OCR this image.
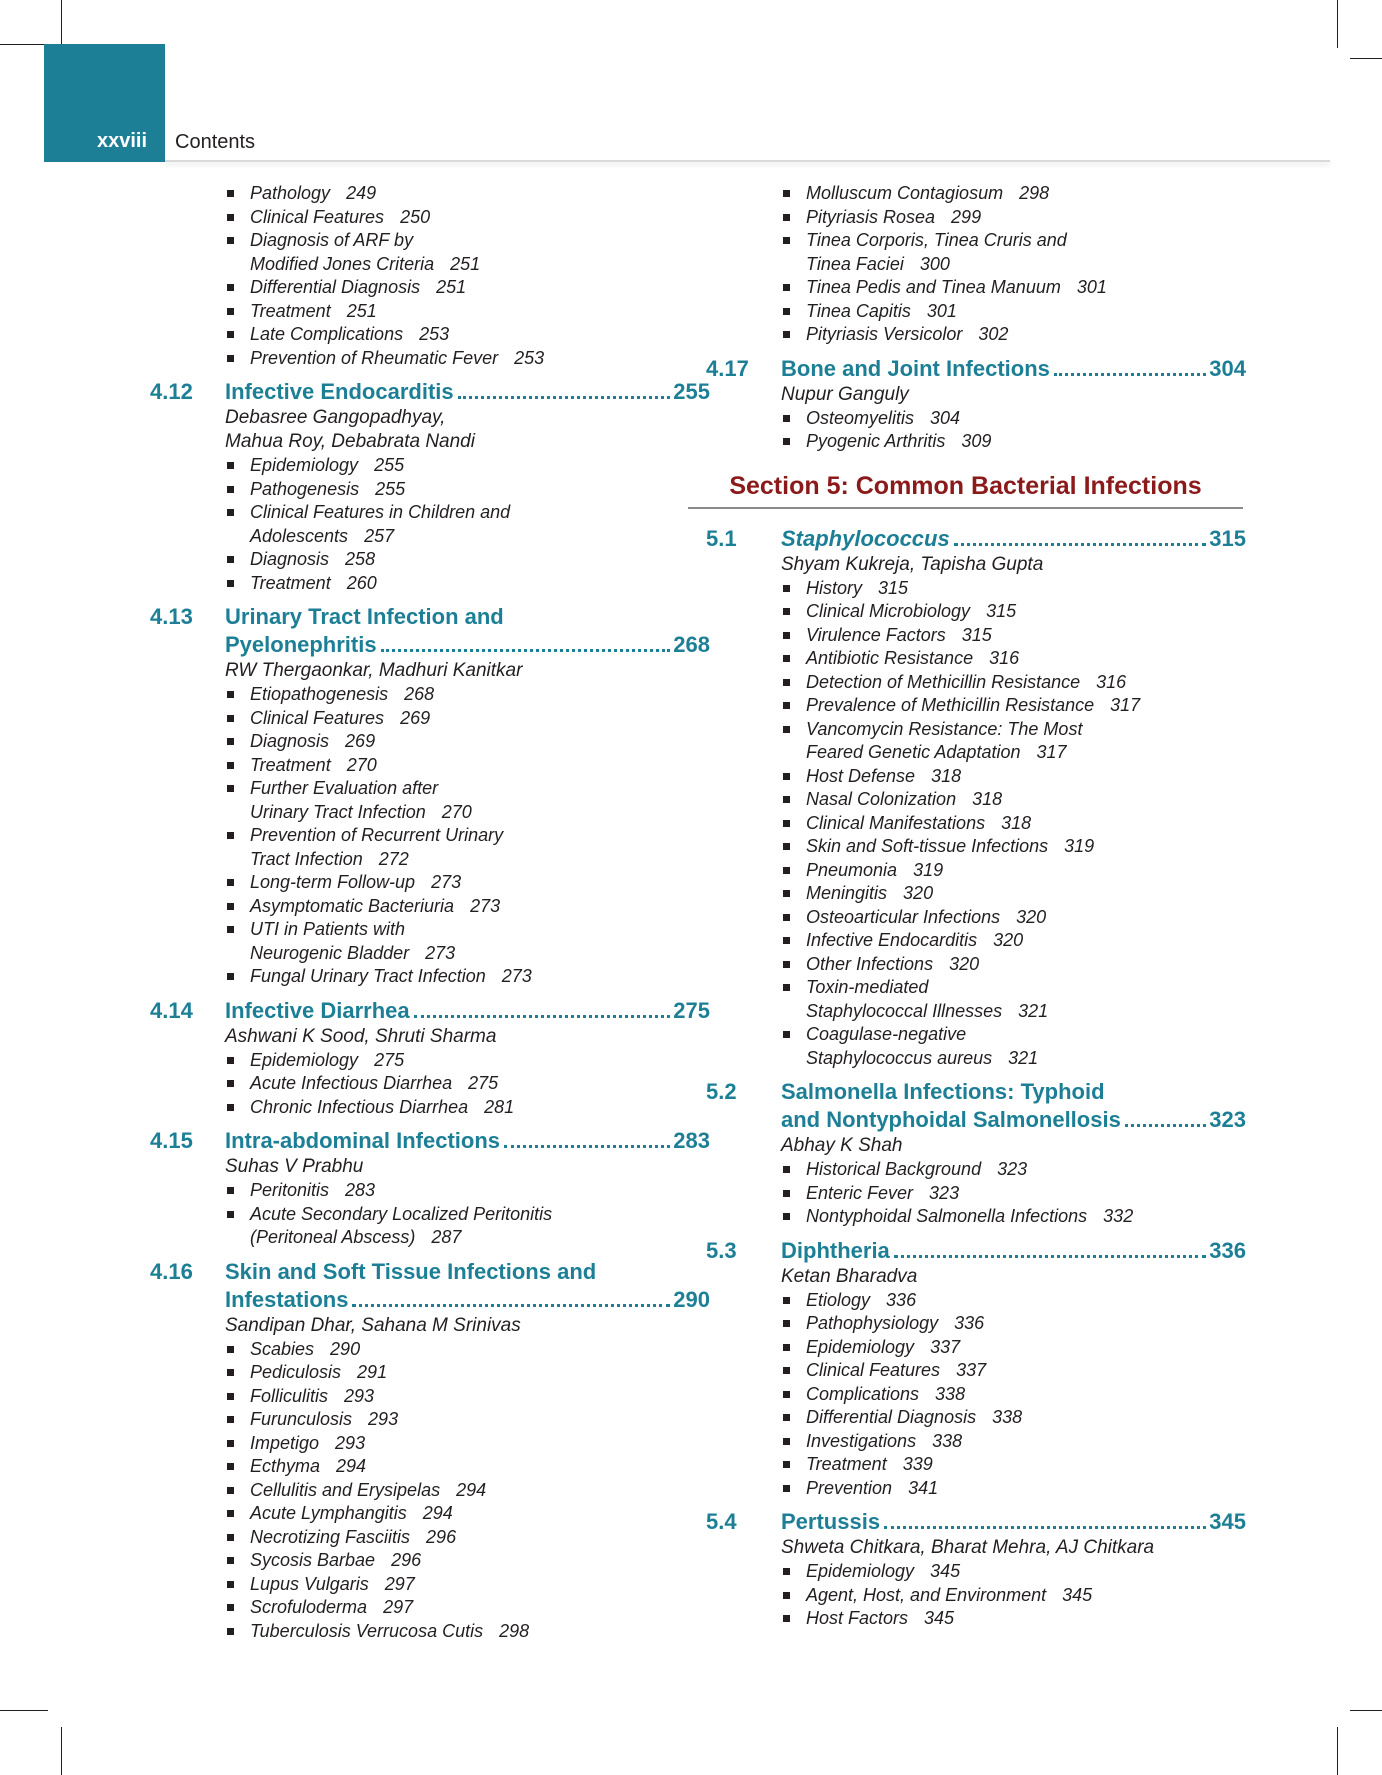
xxviii Contents
Pathology 249
Clinical Features 250
Diagnosis of ARF by
Modified Jones Criteria 251
Differential Diagnosis 251
Treatment 251
Late Complications 253
Prevention of Rheumatic Fever 253
4.12 Infective Endocarditis	255
Debasree Gangopadhyay,
Mahua Roy, Debabrata Nandi
Epidemiology 255
Pathogenesis 255
Clinical Features in Children and
Adolescents 257
Diagnosis 258
Treatment 260
4.13 Urinary Tract Infection and
Pyelonephritis	268
RW Thergaonkar, Madhuri Kanitkar
Etiopathogenesis 268
Clinical Features 269
Diagnosis 269
Treatment 270
Further Evaluation after
Urinary Tract Infection 270
Prevention of Recurrent Urinary
Tract Infection 272
Long-term Follow-up 273
Asymptomatic Bacteriuria 273
UTI in Patients with
Neurogenic Bladder 273
Fungal Urinary Tract Infection 273
4.14 Infective Diarrhea	275
Ashwani K Sood, Shruti Sharma
Epidemiology 275
Acute Infectious Diarrhea 275
Chronic Infectious Diarrhea 281
4.15 Intra-abdominal Infections	283
Suhas V Prabhu
Peritonitis 283
Acute Secondary Localized Peritonitis
(Peritoneal Abscess) 287
4.16 Skin and Soft Tissue Infections and
Infestations	290
Sandipan Dhar, Sahana M Srinivas
Scabies 290
Pediculosis 291
Folliculitis 293
Furunculosis 293
Impetigo 293
Ecthyma 294
Cellulitis and Erysipelas 294
Acute Lymphangitis 294
Necrotizing Fasciitis 296
Sycosis Barbae 296
Lupus Vulgaris 297
Scrofuloderma 297
Tuberculosis Verrucosa Cutis 298
Molluscum Contagiosum 298
Pityriasis Rosea 299
Tinea Corporis, Tinea Cruris and
Tinea Faciei 300
Tinea Pedis and Tinea Manuum 301
Tinea Capitis 301
Pityriasis Versicolor 302
4.17 Bone and Joint Infections	304
Nupur Ganguly
Osteomyelitis 304
Pyogenic Arthritis 309
Section 5: Common Bacterial Infections
5.1 Staphylococcus	315
Shyam Kukreja, Tapisha Gupta
History 315
Clinical Microbiology 315
Virulence Factors 315
Antibiotic Resistance 316
Detection of Methicillin Resistance 316
Prevalence of Methicillin Resistance 317
Vancomycin Resistance: The Most
Feared Genetic Adaptation 317
Host Defense 318
Nasal Colonization 318
Clinical Manifestations 318
Skin and Soft-tissue Infections 319
Pneumonia 319
Meningitis 320
Osteoarticular Infections 320
Infective Endocarditis 320
Other Infections 320
Toxin-mediated
Staphylococcal Illnesses 321
Coagulase-negative
Staphylococcus aureus 321
5.2 Salmonella Infections: Typhoid
and Nontyphoidal Salmonellosis	323
Abhay K Shah
Historical Background 323
Enteric Fever 323
Nontyphoidal Salmonella Infections 332
5.3 Diphtheria	336
Ketan Bharadva
Etiology 336
Pathophysiology 336
Epidemiology 337
Clinical Features 337
Complications 338
Differential Diagnosis 338
Investigations 338
Treatment 339
Prevention 341
5.4 Pertussis	345
Shweta Chitkara, Bharat Mehra, AJ Chitkara
Epidemiology 345
Agent, Host, and Environment 345
Host Factors 345
